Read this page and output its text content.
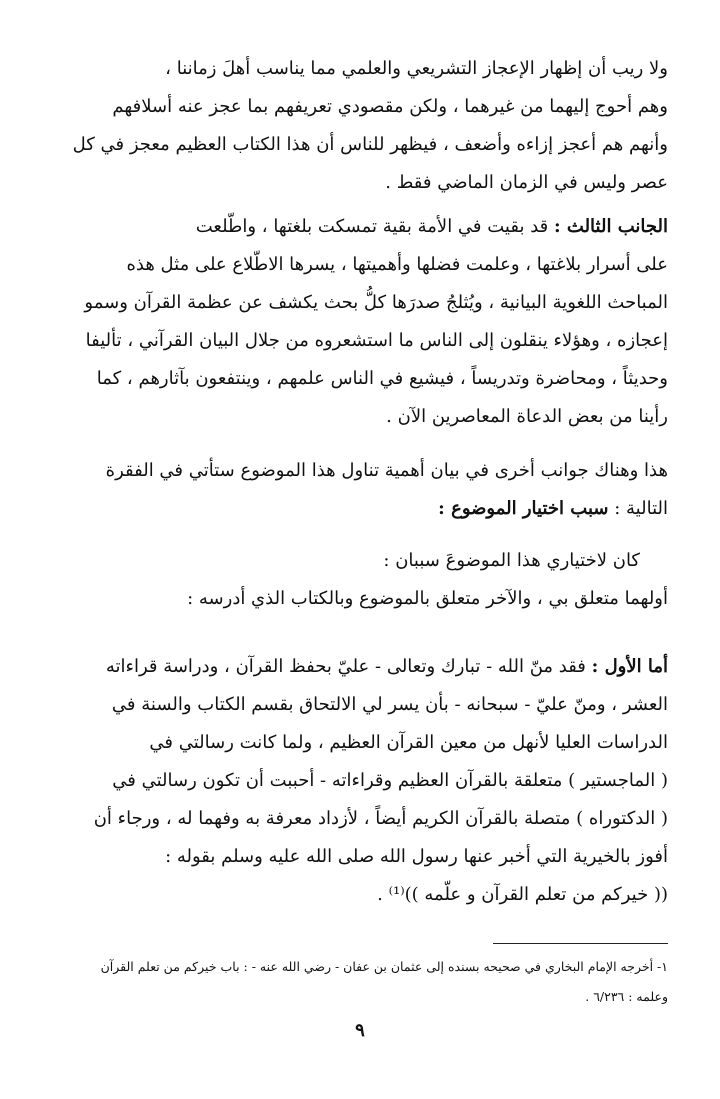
ولا ريب أن إظهار الإعجاز التشريعي والعلمي مما يناسب أهلَ زماننا ،
وهم أحوج إليهما من غيرهما ، ولكن مقصودي تعريفهم بما عجز عنه أسلافهم
وأنهم هم أعجز إزاءه وأضعف ، فيظهر للناس أن هذا الكتاب العظيم معجز في كل
عصر وليس في الزمان الماضي فقط .
الجانب الثالث : قد بقيت في الأمة بقية تمسكت بلغتها ، واطّلعت
على أسرار بلاغتها ، وعلمت فضلها وأهميتها ، يسرها الاطّلاع على مثل هذه
المباحث اللغوية البيانية ، ويُثلجُ صدرَها كلُّ بحث يكشف عن عظمة القرآن وسمو
إعجازه ، وهؤلاء ينقلون إلى الناس ما استشعروه من جلال البيان القرآني ، تأليفا
وحديثاً ، ومحاضرة وتدريساً ، فيشيع في الناس علمهم ، وينتفعون بآثارهم ، كما
رأينا من بعض الدعاة المعاصرين الآن .
هذا وهناك جوانب أخرى في بيان أهمية تناول هذا الموضوع ستأتي في الفقرة
التالية : سبب اختيار الموضوع :
كان لاختياري هذا الموضوعَ سببان :
أولهما متعلق بي ، والآخر متعلق بالموضوع وبالكتاب الذي أدرسه :
أما الأول : فقد منّ الله - تبارك وتعالى - عليّ بحفظ القرآن ، ودراسة قراءاته
العشر ، ومنّ عليّ - سبحانه - بأن يسر لي الالتحاق بقسم الكتاب والسنة في
الدراسات العليا لأنهل من معين القرآن العظيم ، ولما كانت رسالتي في
( الماجستير ) متعلقة بالقرآن العظيم وقراءاته - أحببت أن تكون رسالتي في
( الدكتوراه ) متصلة بالقرآن الكريم أيضاً ، لأزداد معرفة به وفهما له ، ورجاء أن
أفوز بالخيرية التي أخبر عنها رسول الله صلى الله عليه وسلم بقوله :
(( خيركم من تعلم القرآن و علّمه ))⁽¹⁾ .
١- أخرجه الإمام البخاري في صحيحه بسنده إلى عثمان بن عفان - رضي الله عنه - : باب خيركم من تعلم القرآن
وعلمه : ٦/٢٣٦ .
٩
